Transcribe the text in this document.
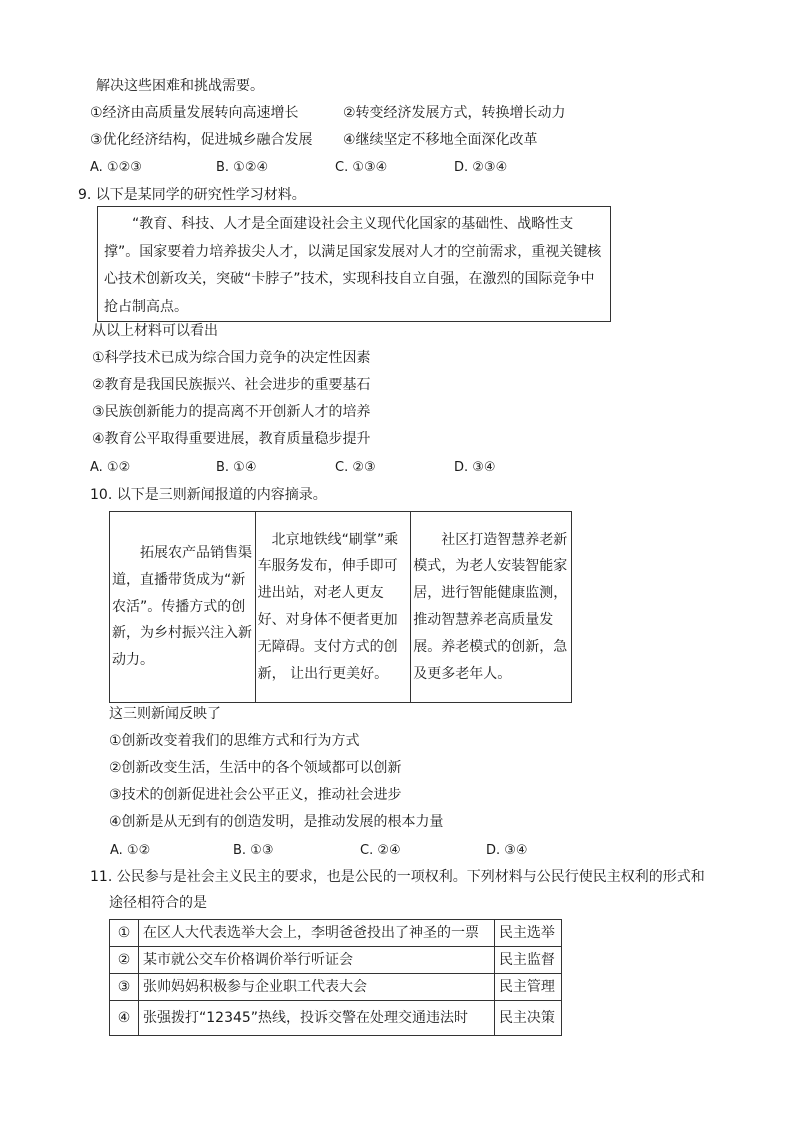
解决这些困难和挑战需要。
①经济由高质量发展转向高速增长	②转变经济发展方式，转换增长动力
③优化经济结构，促进城乡融合发展 ④继续坚定不移地全面深化改革
A. ①②③	B. ①②④	C. ①③④	D. ②③④
9. 以下是某同学的研究性学习材料。
“教育、科技、人才是全面建设社会主义现代化国家的基础性、战略性支撑”。国家要着力培养拔尖人才，以满足国家发展对人才的空前需求，重视关键核心技术创新攻关，突破“卡脖子”技术，实现科技自立自强，在激烈的国际竞争中抢占制高点。
从以上材料可以看出
①科学技术已成为综合国力竞争的决定性因素
②教育是我国民族振兴、社会进步的重要基石
③民族创新能力的提高离不开创新人才的培养
④教育公平取得重要进展，教育质量稳步提升
A. ①②	B. ①④	C. ②③	D. ③④
10. 以下是三则新闻报道的内容摘录。
拓展农产品销售渠道，直播带货成为“新农活”。传播方式的创新，为乡村振兴注入新动力。	北京地铁线“刷掌”乘车服务发布，伸手即可进出站，对老人更友好、对身体不便者更加无障碍。支付方式的创新， 让出行更美好。	社区打造智慧养老新模式，为老人安装智能家居，进行智能健康监测，推动智慧养老高质量发展。养老模式的创新，急及更多老年人。
这三则新闻反映了
①创新改变着我们的思维方式和行为方式
②创新改变生活，生活中的各个领域都可以创新
③技术的创新促进社会公平正义，推动社会进步
④创新是从无到有的创造发明，是推动发展的根本力量
A. ①②	B. ①③	C. ②④	D. ③④
11. 公民参与是社会主义民主的要求，也是公民的一项权利。下列材料与公民行使民主权利的形式和
途径相符合的是
①	在区人大代表选举大会上，李明爸爸投出了神圣的一票	民主选举
②	某市就公交车价格调价举行听证会	民主监督
③	张帅妈妈积极参与企业职工代表大会	民主管理
④	张强拨打“12345”热线，投诉交警在处理交通违法时	民主决策
